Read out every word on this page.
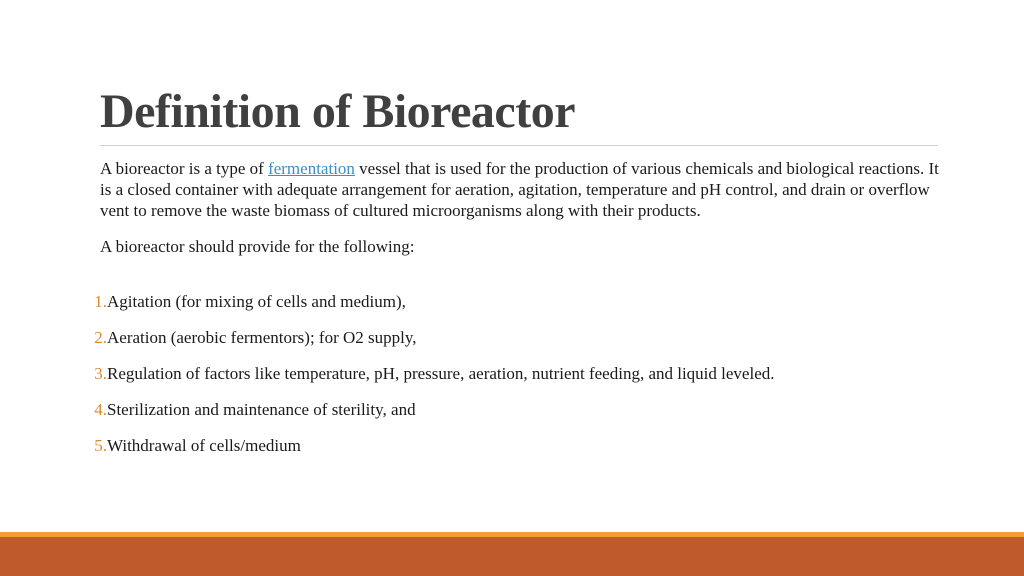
Definition of Bioreactor

A bioreactor is a type of fermentation vessel that is used for the production of various chemicals and biological reactions. It is a closed container with adequate arrangement for aeration, agitation, temperature and pH control, and drain or overflow vent to remove the waste biomass of cultured microorganisms along with their products.

A bioreactor should provide for the following:

1. Agitation (for mixing of cells and medium),
2. Aeration (aerobic fermentors); for O2 supply,
3. Regulation of factors like temperature, pH, pressure, aeration, nutrient feeding, and liquid leveled.
4. Sterilization and maintenance of sterility, and
5. Withdrawal of cells/medium
